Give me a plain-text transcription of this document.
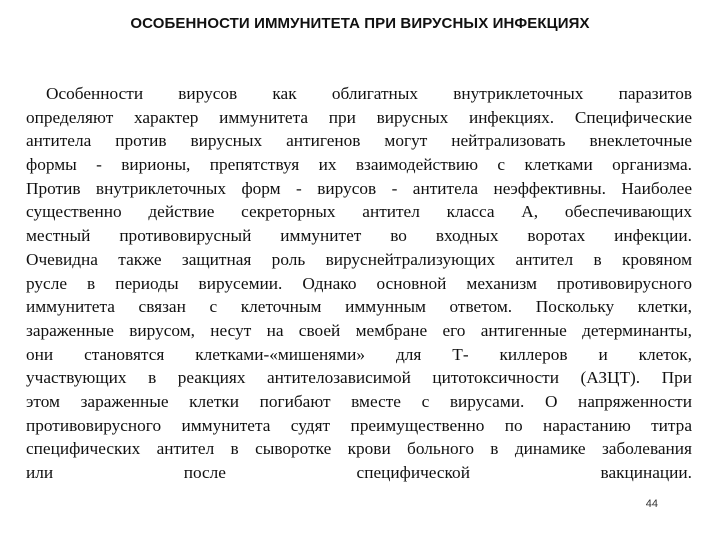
ОСОБЕННОСТИ ИММУНИТЕТА ПРИ ВИРУСНЫХ ИНФЕКЦИЯХ
Особенности вирусов как облигатных внутриклеточных паразитов
определяют характер иммунитета при вирусных инфекциях. Специфические
антитела против вирусных антигенов могут нейтрализовать внеклеточные
формы - вирионы, препятствуя их взаимодействию с клетками организма.
Против внутриклеточных форм - вирусов - антитела неэффективны. Наиболее
существенно действие секреторных антител класса А, обеспечивающих
местный противовирусный иммунитет во входных воротах инфекции.
Очевидна также защитная роль вируснейтрализующих антител в кровяном
русле в периоды вирусемии. Однако основной механизм противовирусного
иммунитета связан с клеточным иммунным ответом. Поскольку клетки,
зараженные вирусом, несут на своей мембране его антигенные детерминанты,
они становятся клетками-«мишенями» для Т- киллеров и клеток,
участвующих в реакциях антителозависимой цитотоксичности (АЗЦТ). При
этом зараженные клетки погибают вместе с вирусами. О напряженности
противовирусного иммунитета судят преимущественно по нарастанию титра
специфических антител в сыворотке крови больного в динамике заболевания
или после специфической вакцинации.
44
